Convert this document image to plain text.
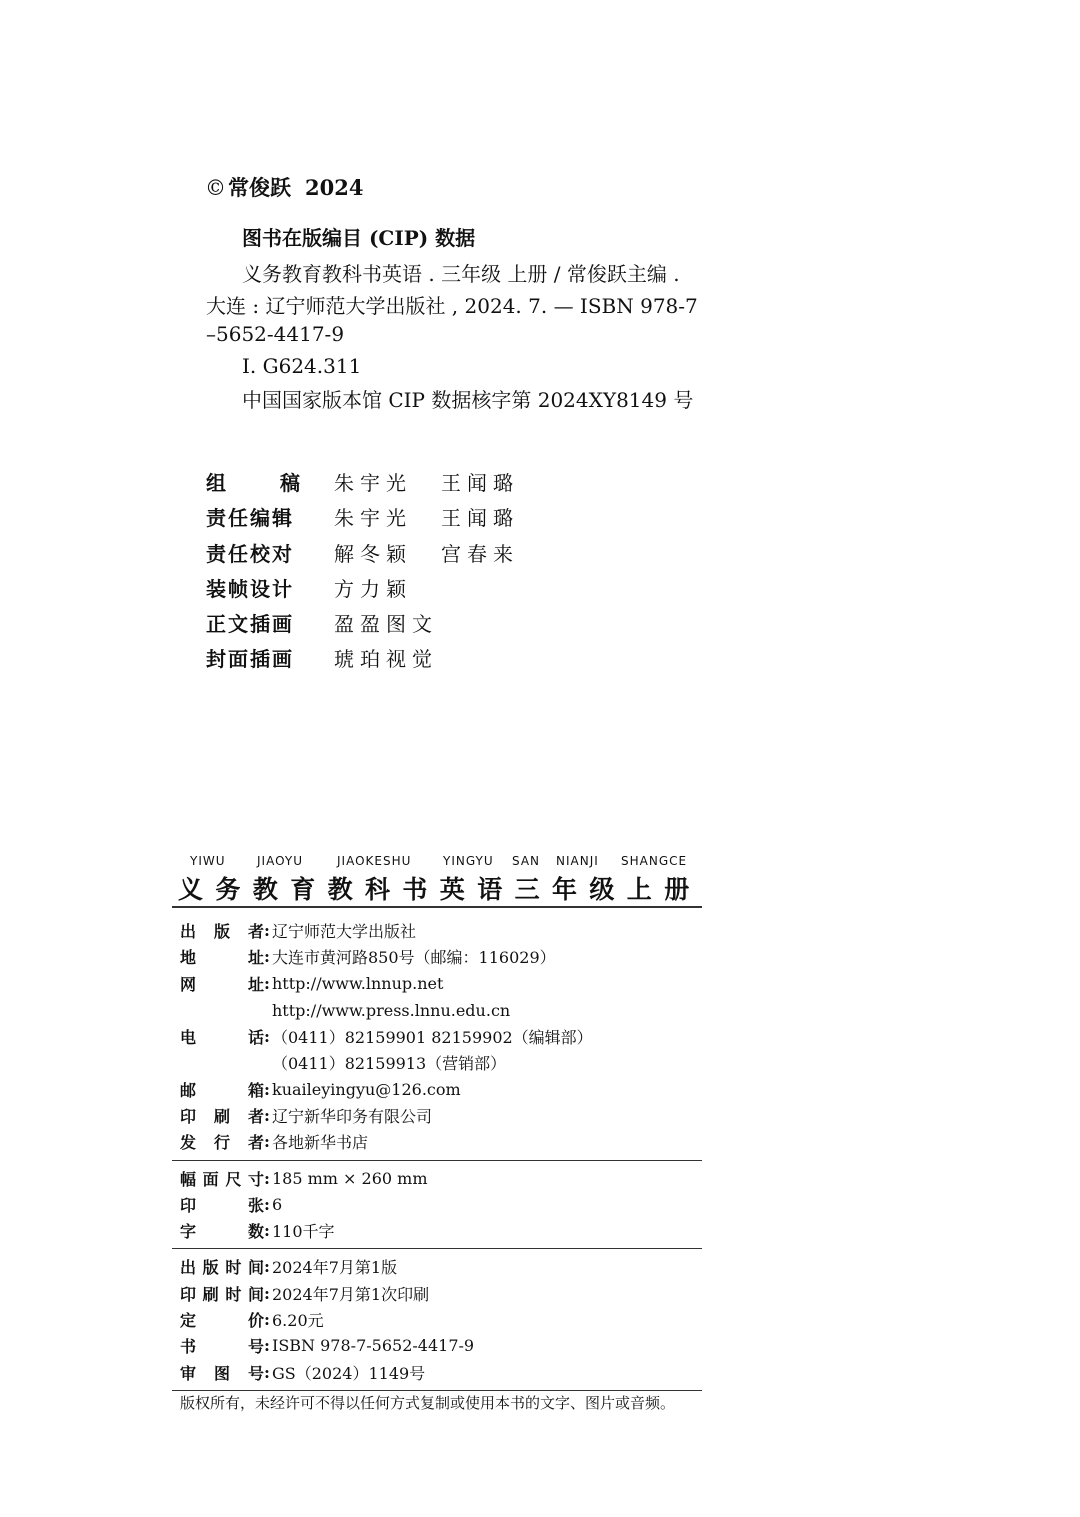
©常俊跃 2024
图书在版编目 (CIP) 数据
义务教育教科书英语 . 三年级 上册 / 常俊跃主编 .
大连 : 辽宁师范大学出版社 , 2024. 7. — ISBN 978-7
–5652-4417-9
Ⅰ. G624.311
中国国家版本馆 CIP 数据核字第 2024XY8149 号
组 稿 朱宇光 王闻璐
责任编辑	朱宇光 王闻璐
责任校对	解冬颖 宫春来
装帧设计	方力颖
正文插画	盈盈图文
封面插画	琥珀视觉
YIWU	JIAOYU	JIAOKESHU	YINGYU SAN NIANJI SHANGCE
义务教育教科书英语三年级上册
出版者 : 辽宁师范大学出版社
地址 : 大连市黄河路850号（邮编：116029）
网址 : http://www.lnnup.net
http://www.press.lnnu.edu.cn
电话 : （0411）82159901 82159902（编辑部）
（0411）82159913（营销部）
邮箱 : kuaileyingyu@126.com
印刷者 : 辽宁新华印务有限公司
发行者 : 各地新华书店
幅面尺寸 : 185 mm × 260 mm
印张 : 6
字数 : 110千字
出版时间 : 2024年7月第1版
印刷时间 : 2024年7月第1次印刷
定价 : 6.20元
书号 : ISBN 978-7-5652-4417-9
审图号 : GS（2024）1149号
版权所有，未经许可不得以任何方式复制或使用本书的文字、图片或音频。
